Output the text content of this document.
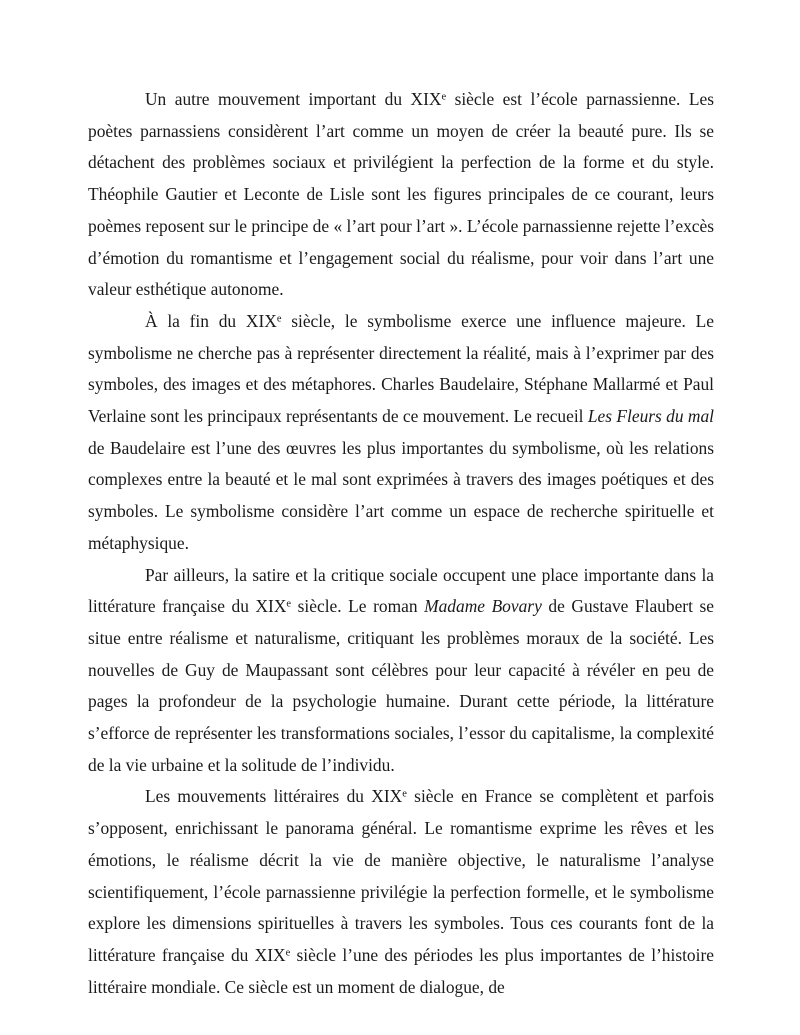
Un autre mouvement important du XIXe siècle est l’école parnassienne. Les poètes parnassiens considèrent l’art comme un moyen de créer la beauté pure. Ils se détachent des problèmes sociaux et privilégient la perfection de la forme et du style. Théophile Gautier et Leconte de Lisle sont les figures principales de ce courant, leurs poèmes reposent sur le principe de « l’art pour l’art ». L’école parnassienne rejette l’excès d’émotion du romantisme et l’engagement social du réalisme, pour voir dans l’art une valeur esthétique autonome.

À la fin du XIXe siècle, le symbolisme exerce une influence majeure. Le symbolisme ne cherche pas à représenter directement la réalité, mais à l’exprimer par des symboles, des images et des métaphores. Charles Baudelaire, Stéphane Mallarmé et Paul Verlaine sont les principaux représentants de ce mouvement. Le recueil Les Fleurs du mal de Baudelaire est l’une des œuvres les plus importantes du symbolisme, où les relations complexes entre la beauté et le mal sont exprimées à travers des images poétiques et des symboles. Le symbolisme considère l’art comme un espace de recherche spirituelle et métaphysique.

Par ailleurs, la satire et la critique sociale occupent une place importante dans la littérature française du XIXe siècle. Le roman Madame Bovary de Gustave Flaubert se situe entre réalisme et naturalisme, critiquant les problèmes moraux de la société. Les nouvelles de Guy de Maupassant sont célèbres pour leur capacité à révéler en peu de pages la profondeur de la psychologie humaine. Durant cette période, la littérature s’efforce de représenter les transformations sociales, l’essor du capitalisme, la complexité de la vie urbaine et la solitude de l’individu.

Les mouvements littéraires du XIXe siècle en France se complètent et parfois s’opposent, enrichissant le panorama général. Le romantisme exprime les rêves et les émotions, le réalisme décrit la vie de manière objective, le naturalisme l’analyse scientifiquement, l’école parnassienne privilégie la perfection formelle, et le symbolisme explore les dimensions spirituelles à travers les symboles. Tous ces courants font de la littérature française du XIXe siècle l’une des périodes les plus importantes de l’histoire littéraire mondiale. Ce siècle est un moment de dialogue, de
